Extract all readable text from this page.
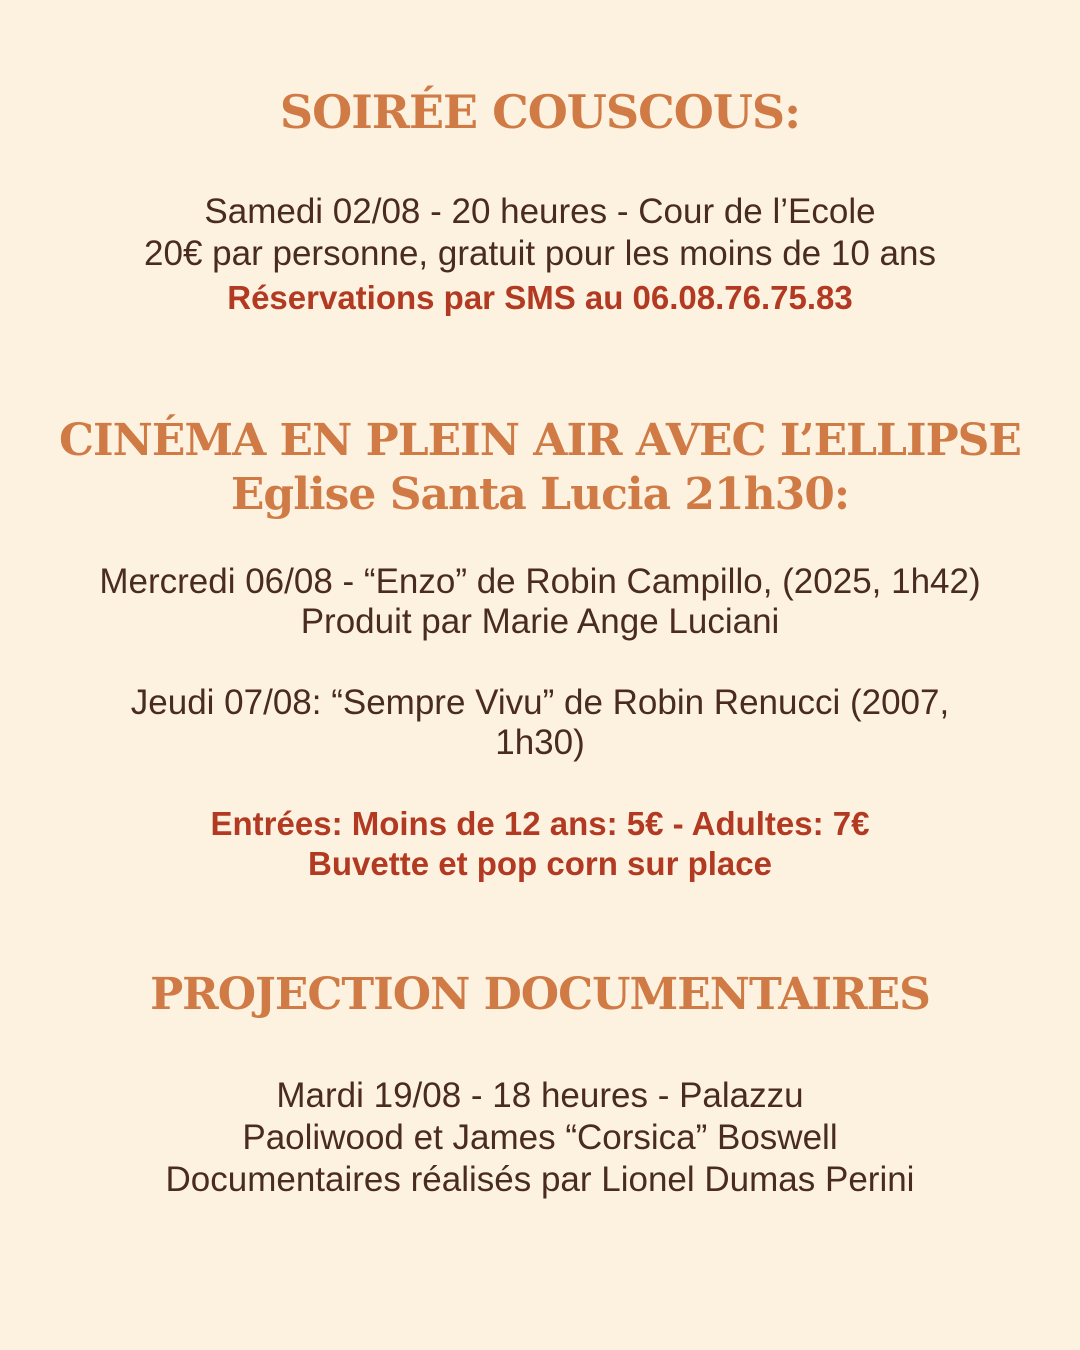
SOIRÉE COUSCOUS:

Samedi 02/08 - 20 heures - Cour de l’Ecole

20€ par personne, gratuit pour les moins de 10 ans

Réservations par SMS au 06.08.76.75.83

CINÉMA EN PLEIN AIR AVEC L’ELLIPSE
Eglise Santa Lucia 21h30:

Mercredi 06/08 - “Enzo” de Robin Campillo, (2025, 1h42)

Produit par Marie Ange Luciani

Jeudi 07/08: “Sempre Vivu” de Robin Renucci (2007,

1h30)

Entrées: Moins de 12 ans: 5€ - Adultes: 7€

Buvette et pop corn sur place

PROJECTION DOCUMENTAIRES

Mardi 19/08 - 18 heures - Palazzu

Paoliwood et James “Corsica” Boswell

Documentaires réalisés par Lionel Dumas Perini
